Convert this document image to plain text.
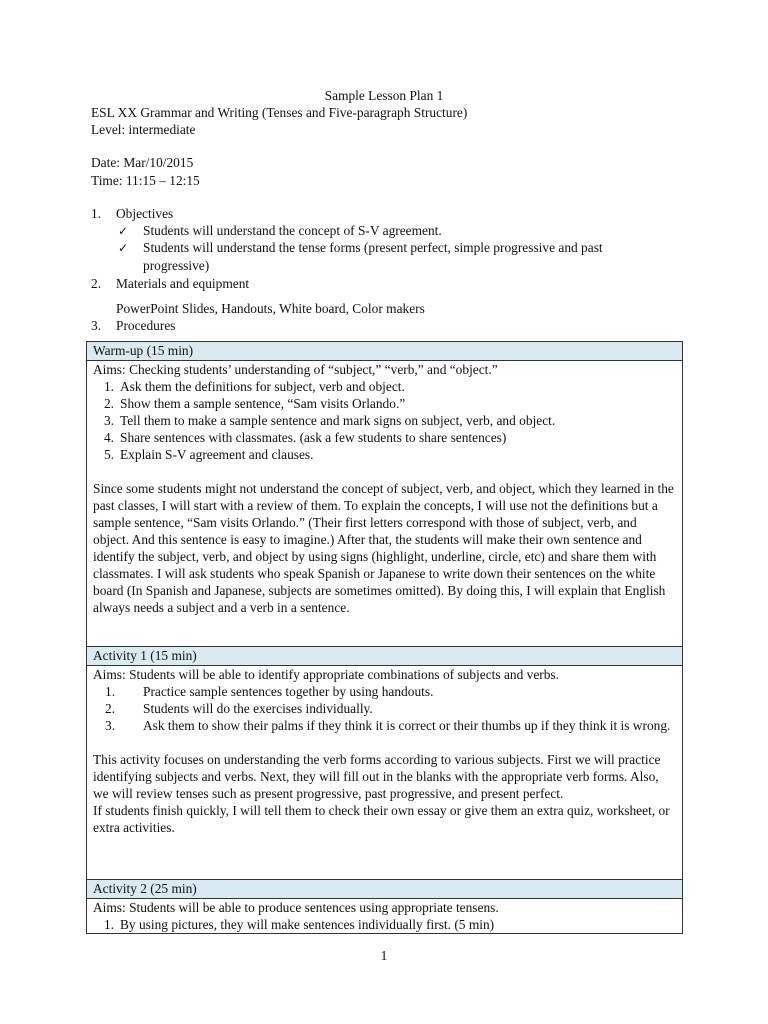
Sample Lesson Plan 1
ESL XX Grammar and Writing (Tenses and Five-paragraph Structure)
Level: intermediate
Date: Mar/10/2015
Time: 11:15 – 12:15
1. Objectives
✓ Students will understand the concept of S-V agreement.
✓ Students will understand the tense forms (present perfect, simple progressive and past
progressive)
2. Materials and equipment
PowerPoint Slides, Handouts, White board, Color makers
3. Procedures
Warm-up (15 min)

Aims: Checking students’ understanding of “subject,” “verb,” and “object.”
1. Ask them the definitions for subject, verb and object.
2. Show them a sample sentence, “Sam visits Orlando.”
3. Tell them to make a sample sentence and mark signs on subject, verb, and object.
4. Share sentences with classmates. (ask a few students to share sentences)
5. Explain S-V agreement and clauses.
Since some students might not understand the concept of subject, verb, and object, which they learned in the past classes, I will start with a review of them. To explain the concepts, I will use not the definitions but a sample sentence, “Sam visits Orlando.” (Their first letters correspond with those of subject, verb, and object. And this sentence is easy to imagine.) After that, the students will make their own sentence and identify the subject, verb, and object by using signs (highlight, underline, circle, etc) and share them with classmates. I will ask students who speak Spanish or Japanese to write down their sentences on the white board (In Spanish and Japanese, subjects are sometimes omitted). By doing this, I will explain that English always needs a subject and a verb in a sentence.

Activity 1 (15 min)

Aims: Students will be able to identify appropriate combinations of subjects and verbs.
1.	Practice sample sentences together by using handouts.
2.	Students will do the exercises individually.
3.	Ask them to show their palms if they think it is correct or their thumbs up if they think it is wrong.
This activity focuses on understanding the verb forms according to various subjects. First we will practice identifying subjects and verbs. Next, they will fill out in the blanks with the appropriate verb forms. Also, we will review tenses such as present progressive, past progressive, and present perfect.
If students finish quickly, I will tell them to check their own essay or give them an extra quiz, worksheet, or extra activities.

Activity 2 (25 min)

Aims: Students will be able to produce sentences using appropriate tensens.
1. By using pictures, they will make sentences individually first. (5 min)
1
